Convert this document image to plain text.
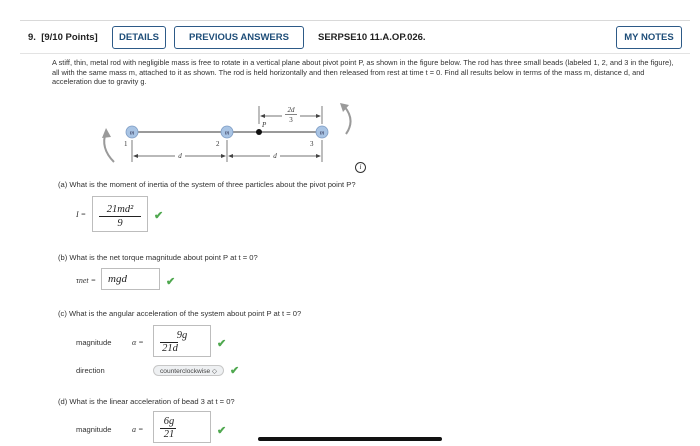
9. [9/10 Points]	DETAILS	PREVIOUS ANSWERS	SERPSE10 11.A.OP.026.	MY NOTES
A stiff, thin, metal rod with negligible mass is free to rotate in a vertical plane about pivot point P, as shown in the figure below. The rod has three small beads (labeled 1, 2, and 3 in the figure), all with the same mass m, attached to it as shown. The rod is held horizontally and then released from rest at time t = 0. Find all results below in terms of the mass m, distance d, and acceleration due to gravity g.
m	m	m
1	2	3
P
2d
3
d	d
i
(a) What is the moment of inertia of the system of three particles about the pivot point P?
I =	21md²
9
✔
(b) What is the net torque magnitude about point P at t = 0?
τnet = mgd	✔
(c) What is the angular acceleration of the system about point P at t = 0?
magnitude	α =
9g
21d	✔
direction	counterclockwise ◇	✔
(d) What is the linear acceleration of bead 3 at t = 0?
magnitude	a =
6g
21	✔
